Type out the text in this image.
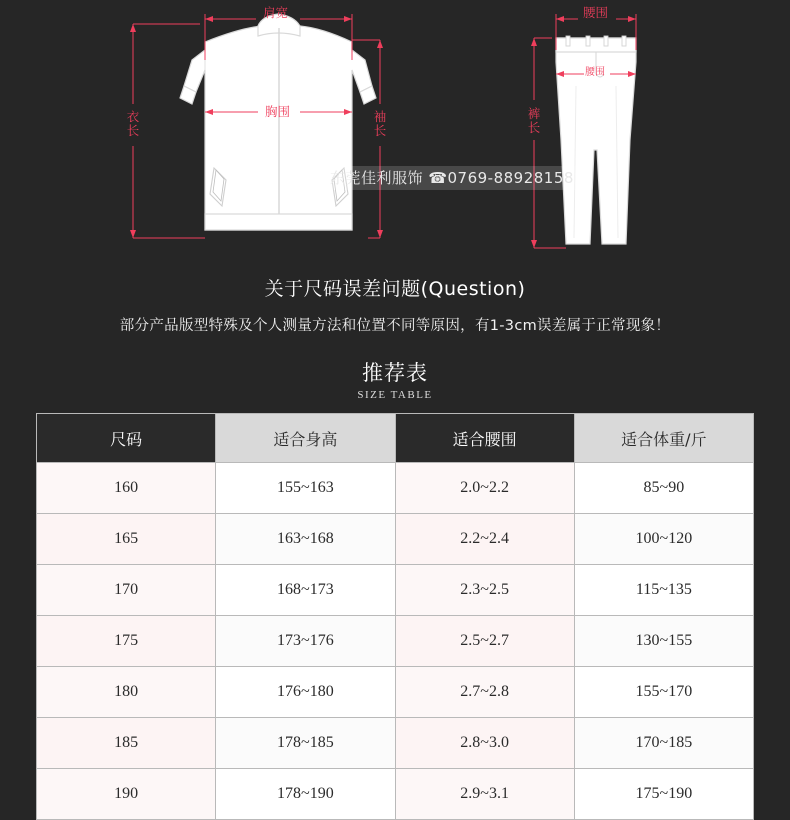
肩宽
胸围
衣长
袖长
腰围
腰围
裤长
东莞佳利服饰 ☎0769-88928158
关于尺码误差问题(Question)
部分产品版型特殊及个人测量方法和位置不同等原因，有1-3cm误差属于正常现象！
推荐表
SIZE TABLE
尺码	适合身高	适合腰围	适合体重/斤
160	155~163	2.0~2.2	85~90
165	163~168	2.2~2.4	100~120
170	168~173	2.3~2.5	115~135
175	173~176	2.5~2.7	130~155
180	176~180	2.7~2.8	155~170
185	178~185	2.8~3.0	170~185
190	178~190	2.9~3.1	175~190
